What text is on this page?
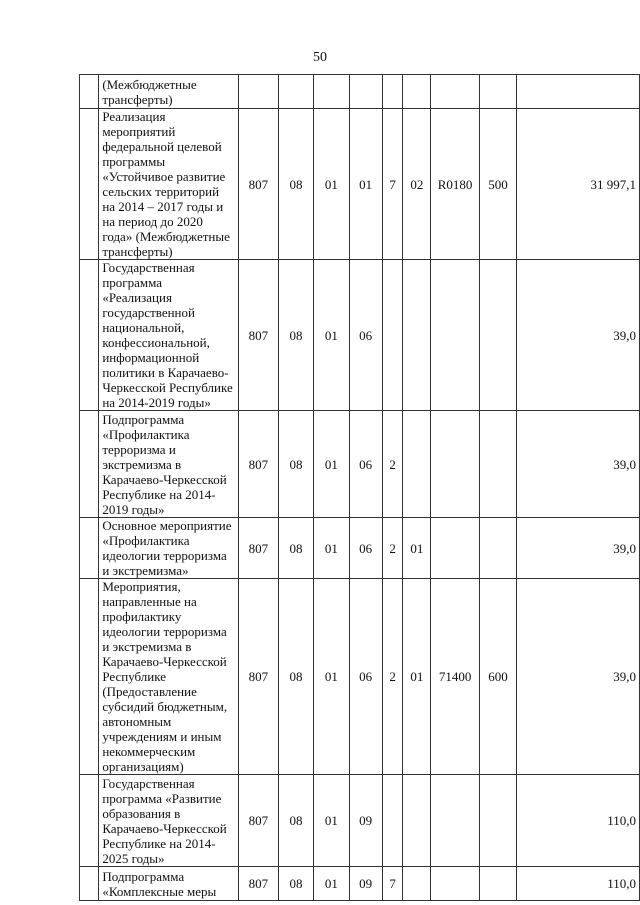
50
	(Межбюджетные трансферты)									
	Реализация мероприятий федеральной целевой программы «Устойчивое развитие сельских территорий на 2014 – 2017 годы и на период до 2020 года» (Межбюджетные трансферты)	807	08	01	01	7	02	R0180	500	31 997,1
	Государственная программа «Реализация государственной национальной, конфессиональной, информационной политики в Карачаево-Черкесской Республике на 2014-2019 годы»	807	08	01	06					39,0
	Подпрограмма «Профилактика терроризма и экстремизма в Карачаево-Черкесской Республике на 2014-2019 годы»	807	08	01	06	2				39,0
	Основное мероприятие «Профилактика идеологии терроризма и экстремизма»	807	08	01	06	2	01			39,0
	Мероприятия, направленные на профилактику идеологии терроризма и экстремизма в Карачаево-Черкесской Республике (Предоставление субсидий бюджетным, автономным учреждениям и иным некоммерческим организациям)	807	08	01	06	2	01	71400	600	39,0
	Государственная программа «Развитие образования в Карачаево-Черкесской Республике на 2014-2025 годы»	807	08	01	09					110,0
	Подпрограмма «Комплексные меры	807	08	01	09	7				110,0
